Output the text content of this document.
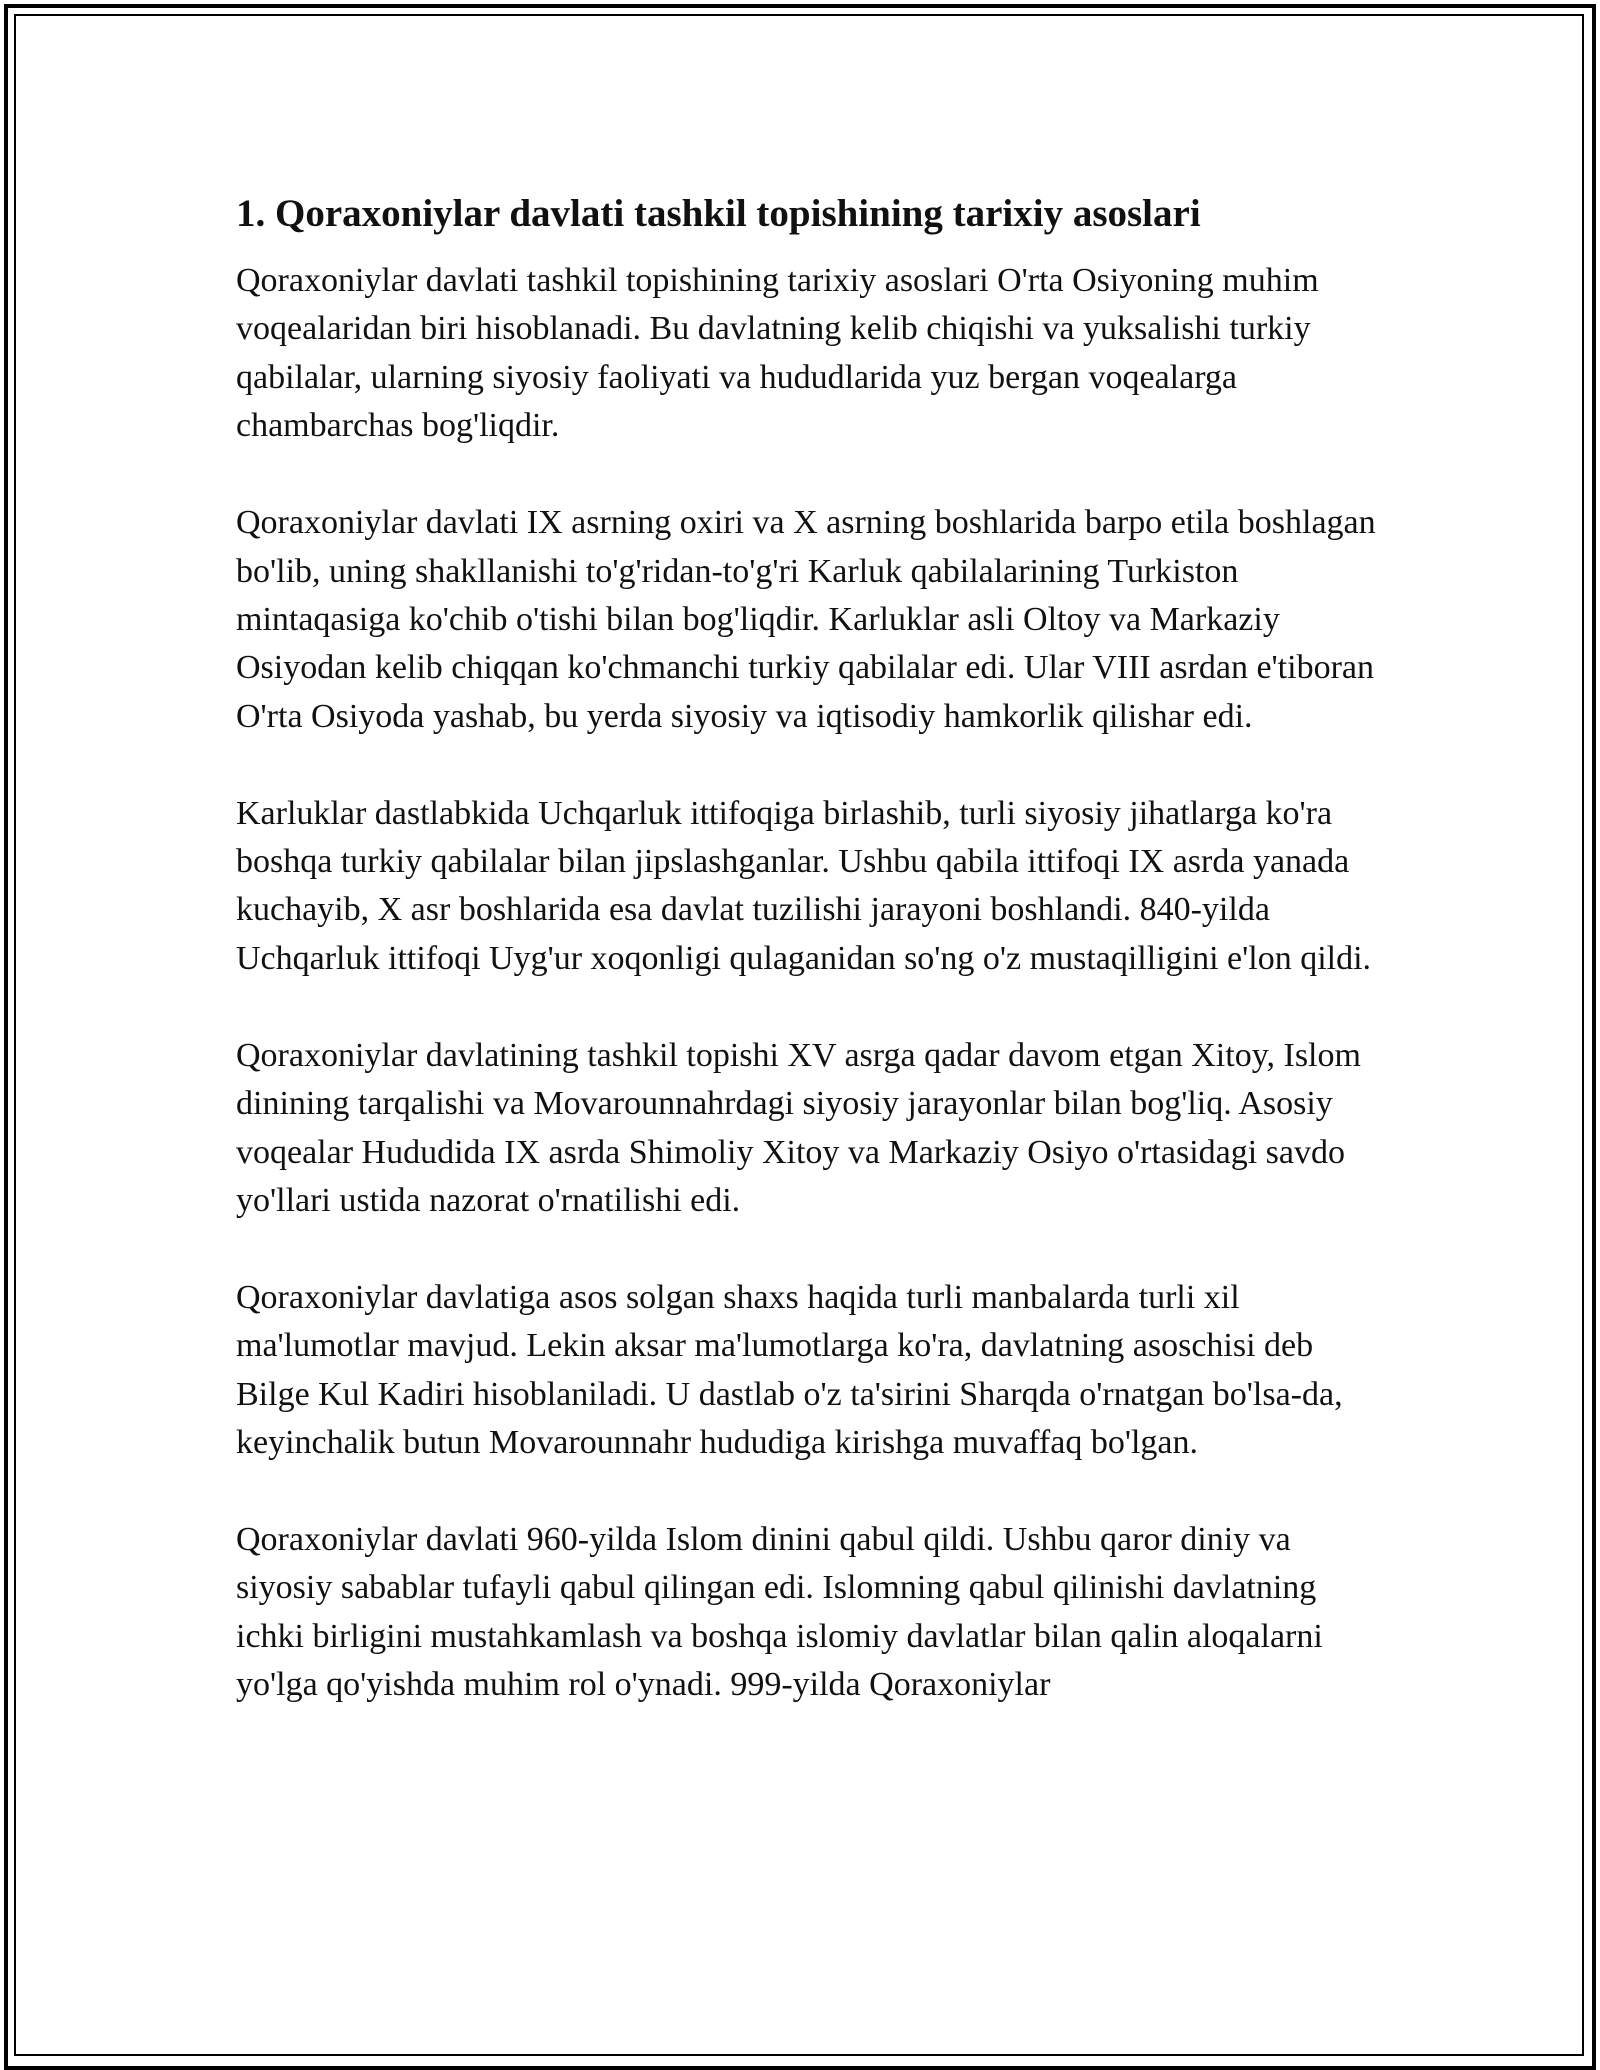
1. Qoraxoniylar davlati tashkil topishining tarixiy asoslari

Qoraxoniylar davlati tashkil topishining tarixiy asoslari O'rta Osiyoning muhim voqealaridan biri hisoblanadi. Bu davlatning kelib chiqishi va yuksalishi turkiy qabilalar, ularning siyosiy faoliyati va hududlarida yuz bergan voqealarga chambarchas bog'liqdir.

Qoraxoniylar davlati IX asrning oxiri va X asrning boshlarida barpo etila boshlagan bo'lib, uning shakllanishi to'g'ridan-to'g'ri Karluk qabilalarining Turkiston mintaqasiga ko'chib o'tishi bilan bog'liqdir. Karluklar asli Oltoy va Markaziy Osiyodan kelib chiqqan ko'chmanchi turkiy qabilalar edi. Ular VIII asrdan e'tiboran O'rta Osiyoda yashab, bu yerda siyosiy va iqtisodiy hamkorlik qilishar edi.

Karluklar dastlabkida Uchqarluk ittifoqiga birlashib, turli siyosiy jihatlarga ko'ra boshqa turkiy qabilalar bilan jipslashganlar. Ushbu qabila ittifoqi IX asrda yanada kuchayib, X asr boshlarida esa davlat tuzilishi jarayoni boshlandi. 840-yilda Uchqarluk ittifoqi Uyg'ur xoqonligi qulaganidan so'ng o'z mustaqilligini e'lon qildi.

Qoraxoniylar davlatining tashkil topishi XV asrga qadar davom etgan Xitoy, Islom dinining tarqalishi va Movarounnahrdagi siyosiy jarayonlar bilan bog'liq. Asosiy voqealar Hududida IX asrda Shimoliy Xitoy va Markaziy Osiyo o'rtasidagi savdo yo'llari ustida nazorat o'rnatilishi edi.

Qoraxoniylar davlatiga asos solgan shaxs haqida turli manbalarda turli xil ma'lumotlar mavjud. Lekin aksar ma'lumotlarga ko'ra, davlatning asoschisi deb Bilge Kul Kadiri hisoblaniladi. U dastlab o'z ta'sirini Sharqda o'rnatgan bo'lsa-da, keyinchalik butun Movarounnahr hududiga kirishga muvaffaq bo'lgan.

Qoraxoniylar davlati 960-yilda Islom dinini qabul qildi. Ushbu qaror diniy va siyosiy sabablar tufayli qabul qilingan edi. Islomning qabul qilinishi davlatning ichki birligini mustahkamlash va boshqa islomiy davlatlar bilan qalin aloqalarni yo'lga qo'yishda muhim rol o'ynadi. 999-yilda Qoraxoniylar
